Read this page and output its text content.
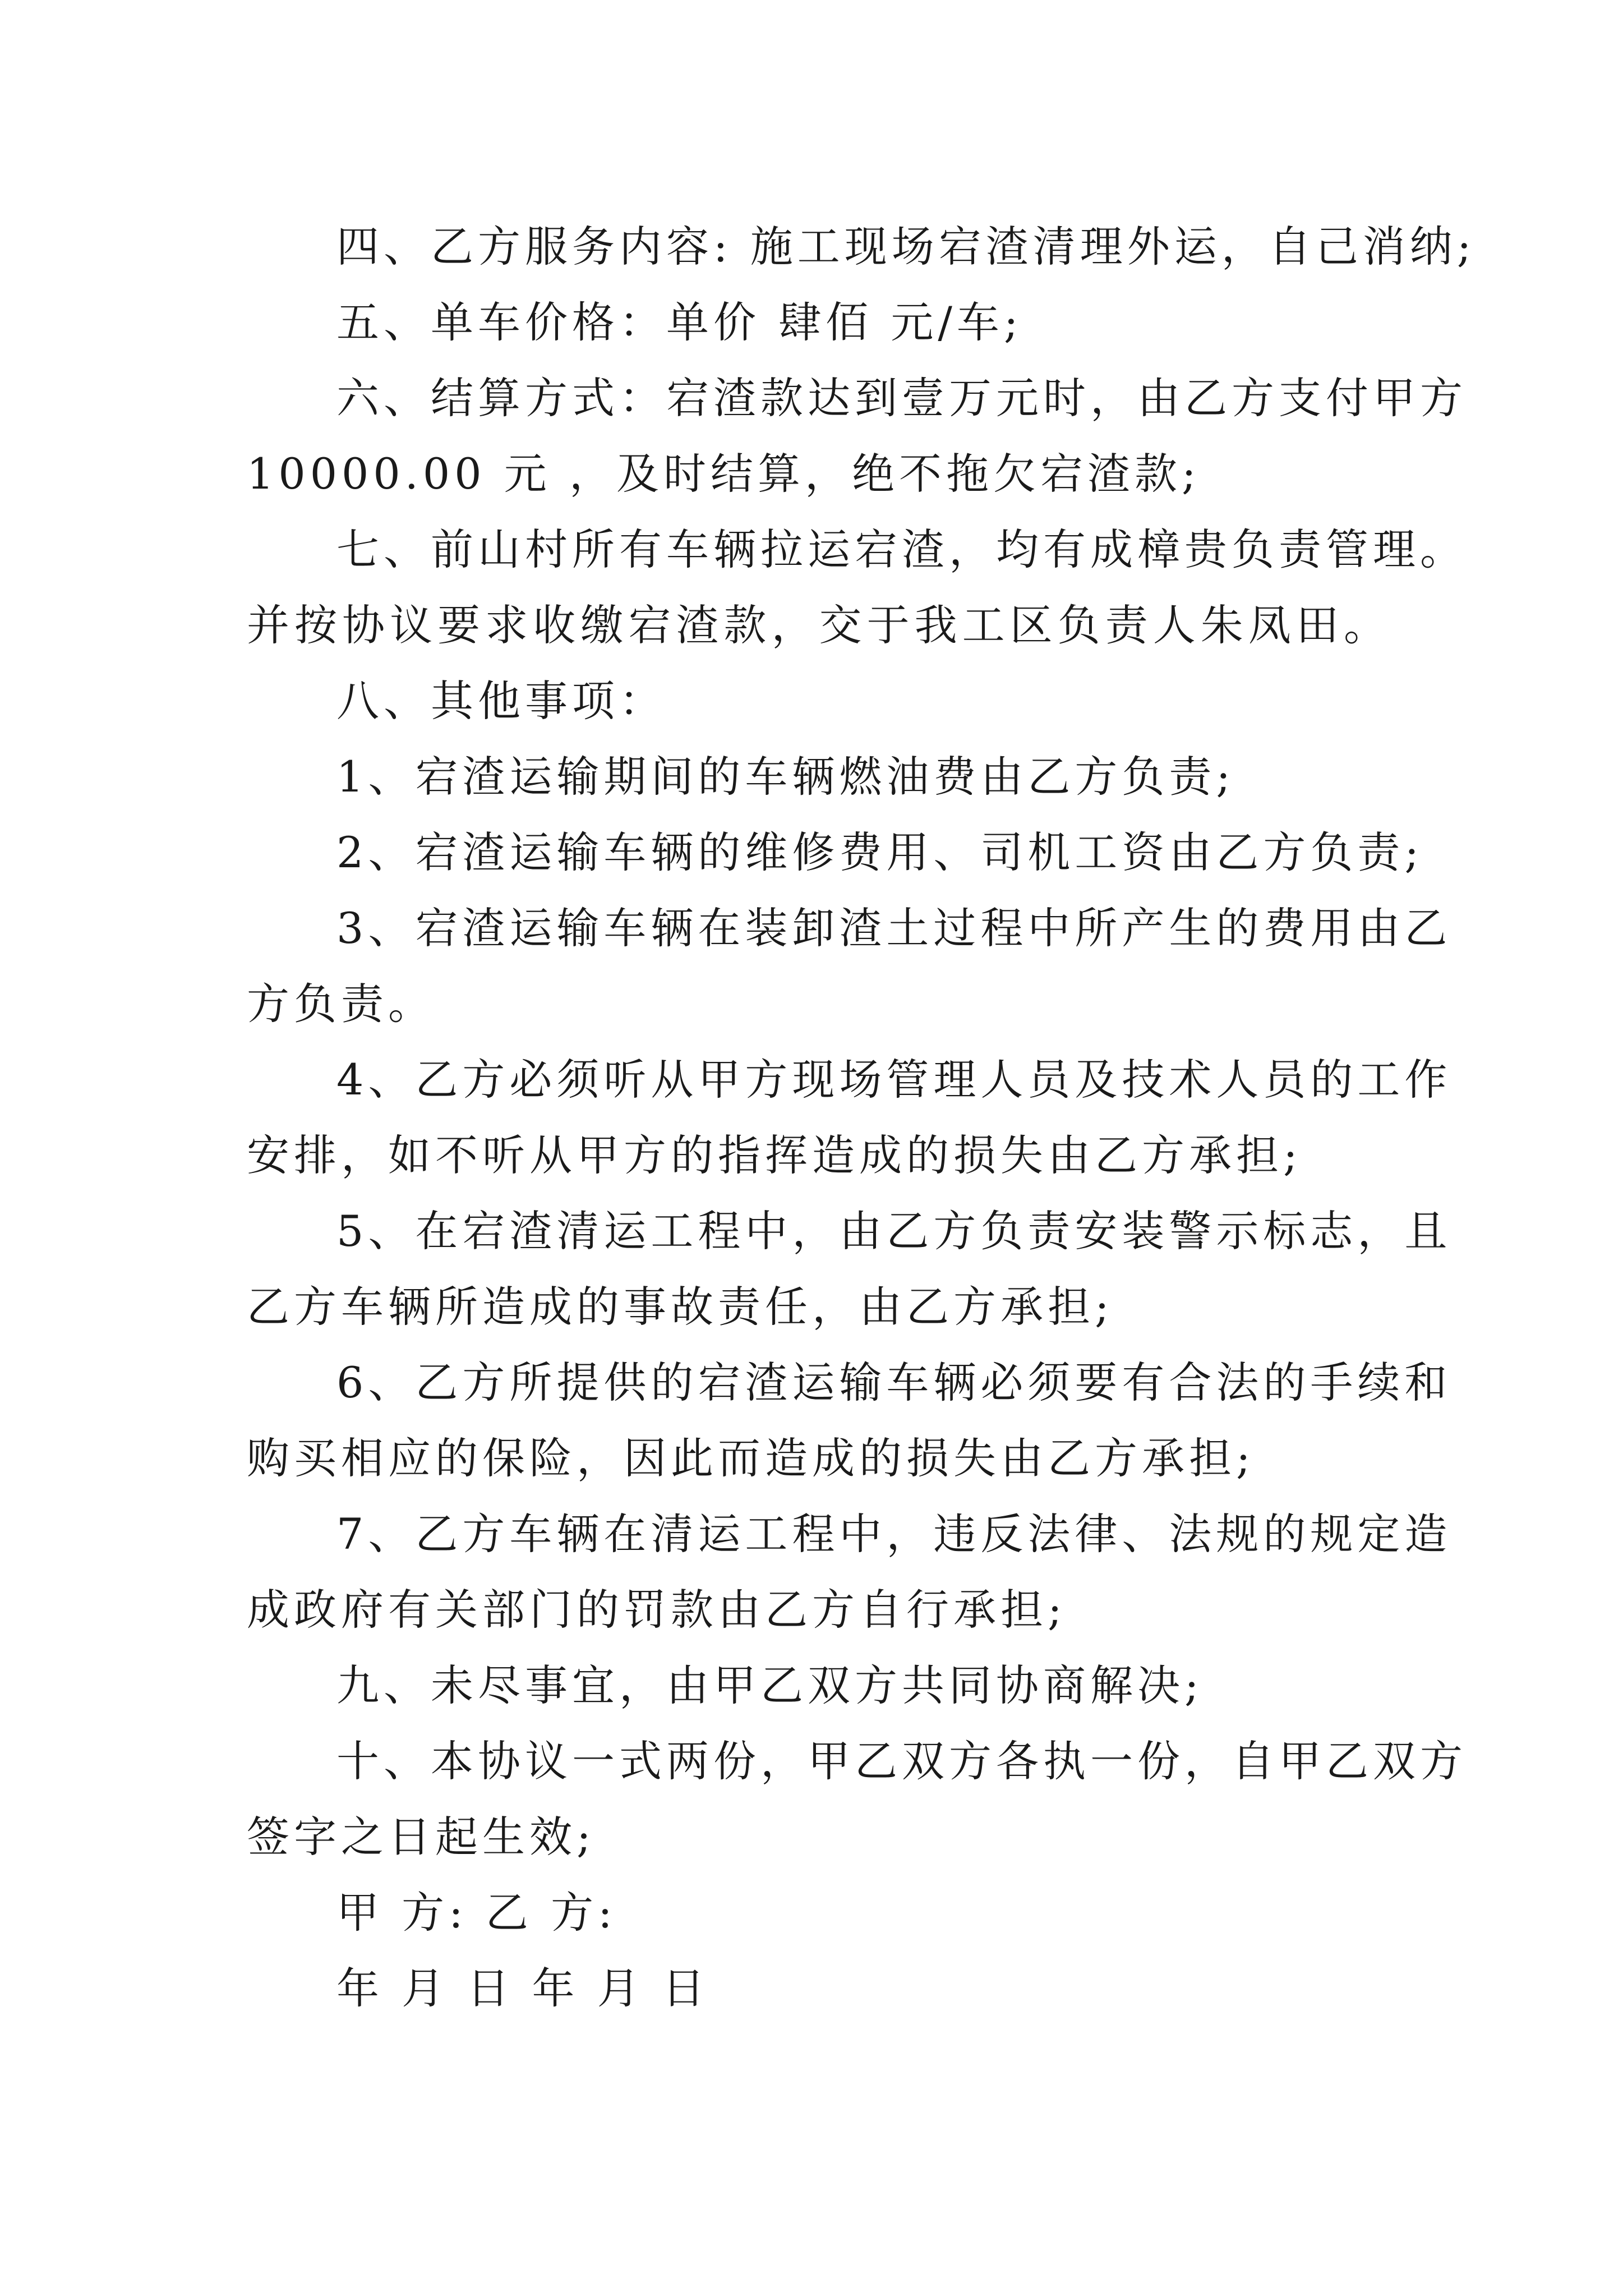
四、乙方服务内容: 施工现场宕渣清理外运，自己消纳;
五、单车价格：单价 肆佰 元/车;
六、结算方式：宕渣款达到壹万元时，由乙方支付甲方
10000.00 元 ，及时结算，绝不拖欠宕渣款;
七、前山村所有车辆拉运宕渣，均有成樟贵负责管理。
并按协议要求收缴宕渣款，交于我工区负责人朱凤田。
八、其他事项：
1、宕渣运输期间的车辆燃油费由乙方负责;
2、宕渣运输车辆的维修费用、司机工资由乙方负责;
3、宕渣运输车辆在装卸渣土过程中所产生的费用由乙
方负责。
4、乙方必须听从甲方现场管理人员及技术人员的工作
安排，如不听从甲方的指挥造成的损失由乙方承担;
5、在宕渣清运工程中，由乙方负责安装警示标志，且
乙方车辆所造成的事故责任，由乙方承担;
6、乙方所提供的宕渣运输车辆必须要有合法的手续和
购买相应的保险，因此而造成的损失由乙方承担;
7、乙方车辆在清运工程中，违反法律、法规的规定造
成政府有关部门的罚款由乙方自行承担;
九、未尽事宜，由甲乙双方共同协商解决;
十、本协议一式两份，甲乙双方各执一份，自甲乙双方
签字之日起生效;
甲 方: 乙 方:
年 月 日 年 月 日
